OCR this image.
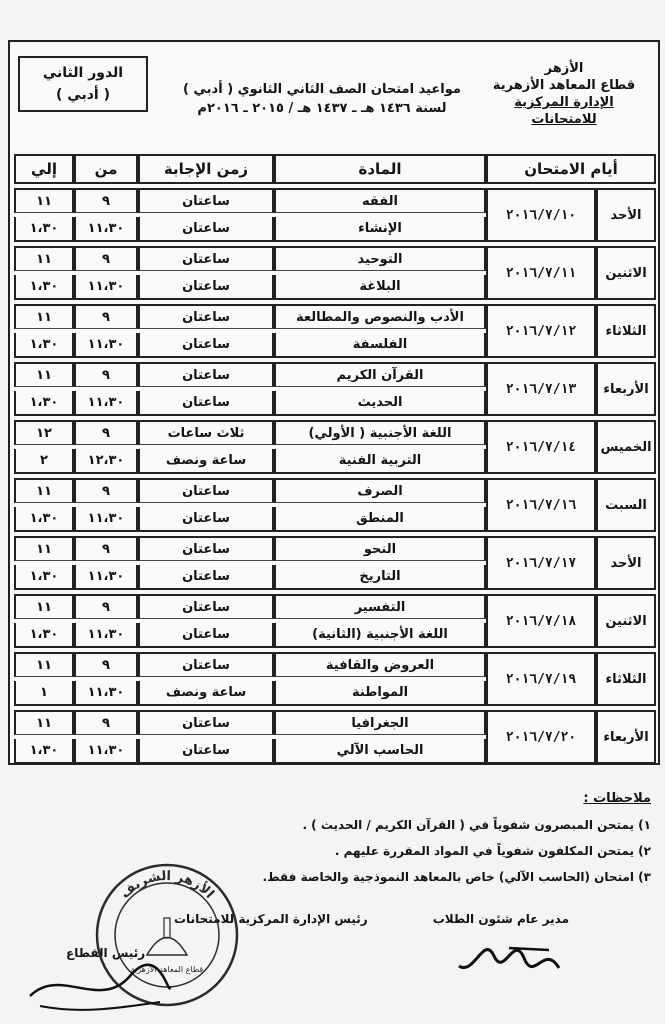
الأزهر
قطاع المعاهد الأزهرية
الإدارة المركزية للامتحانات
مواعيد امتحان الصف الثاني الثانوي ( أدبي )
لسنة ١٤٣٦ هـ ـ ١٤٣٧ هـ / ٢٠١٥ ـ ٢٠١٦م
الدور الثاني
( أدبي )
أيام الامتحان		المادة	زمن الإجابة	من	إلي
الأحد	٢٠١٦/٧/١٠	الفقه	ساعتان	٩	١١
		الإنشاء	ساعتان	١١،٣٠	١،٣٠
الاثنين	٢٠١٦/٧/١١	التوحيد	ساعتان	٩	١١
		البلاغة	ساعتان	١١،٣٠	١،٣٠
الثلاثاء	٢٠١٦/٧/١٢	الأدب والنصوص والمطالعة	ساعتان	٩	١١
		الفلسفة	ساعتان	١١،٣٠	١،٣٠
الأربعاء	٢٠١٦/٧/١٣	القرآن الكريم	ساعتان	٩	١١
		الحديث	ساعتان	١١،٣٠	١،٣٠
الخميس	٢٠١٦/٧/١٤	اللغة الأجنبية ( الأولي)	ثلاث ساعات	٩	١٢
		التربية الفنية	ساعة ونصف	١٢،٣٠	٢
السبت	٢٠١٦/٧/١٦	الصرف	ساعتان	٩	١١
		المنطق	ساعتان	١١،٣٠	١،٣٠
الأحد	٢٠١٦/٧/١٧	النحو	ساعتان	٩	١١
		التاريخ	ساعتان	١١،٣٠	١،٣٠
الاثنين	٢٠١٦/٧/١٨	التفسير	ساعتان	٩	١١
		اللغة الأجنبية (الثانية)	ساعتان	١١،٣٠	١،٣٠
الثلاثاء	٢٠١٦/٧/١٩	العروض والقافية	ساعتان	٩	١١
		المواطنة	ساعة ونصف	١١،٣٠	١
الأربعاء	٢٠١٦/٧/٢٠	الجغرافيا	ساعتان	٩	١١
		الحاسب الآلي	ساعتان	١١،٣٠	١،٣٠
ملاحظات :
١) يمتحن المبصرون شفوياً في ( القرآن الكريم / الحديث ) .
٢) يمتحن المكلفون شفوياً في المواد المقررة عليهم .
٣) امتحان (الحاسب الآلي) خاص بالمعاهد النموذجية والخاصة فقط.
مدير عام شئون الطلاب
رئيس الإدارة المركزية للامتحانات
رئيس القطاع
الأزهر الشريف
قطاع المعاهد الأزهرية
